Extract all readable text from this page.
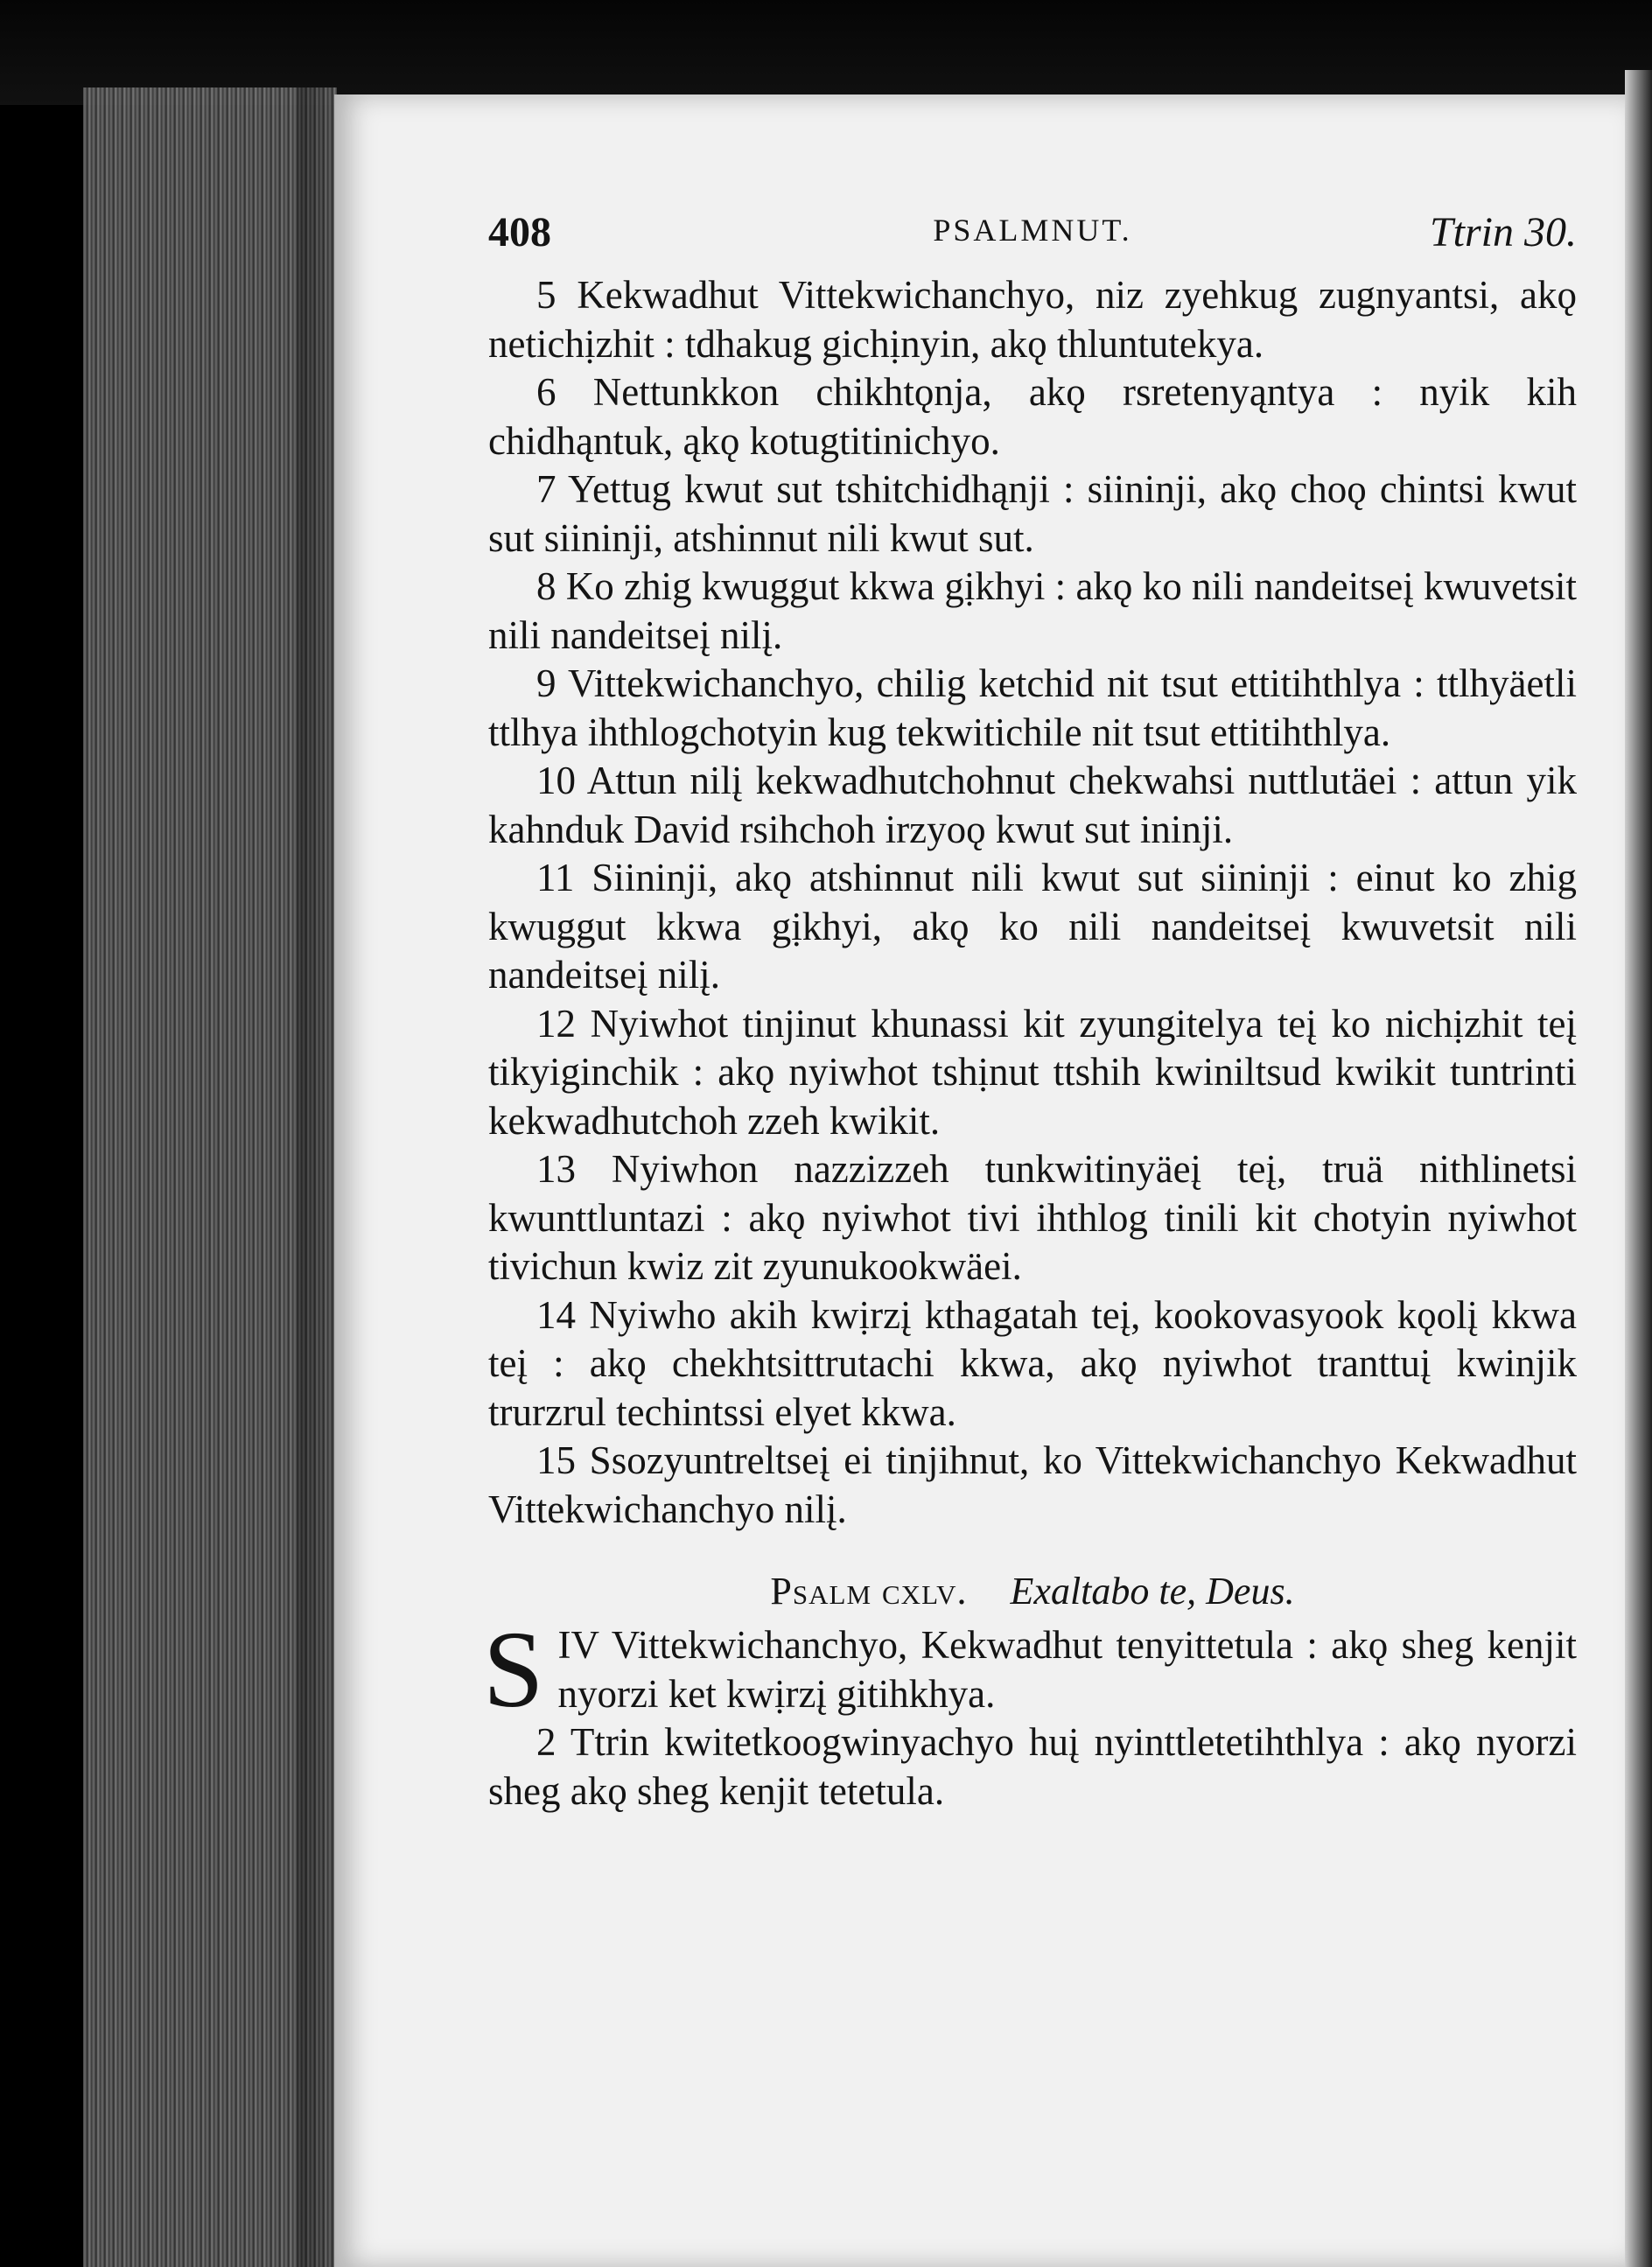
408	PSALMNUT.	Ttrin 30.

5 Kekwadhut Vittekwichanchyo, niz zyehkug zugnyantsi, akǫ netichịzhit : tdhakug gichịnyin, akǫ thluntutekya.

6 Nettunkkon chikhtǫnja, akǫ rsretenyąntya : nyik kih chidhąntuk, ąkǫ kotugtitinichyo.

7 Yettug kwut sut tshitchidhąnji : siininji, akǫ choǫ chintsi kwut sut siininji, atshinnut nili kwut sut.

8 Ko zhig kwuggut kkwa gịkhyi : akǫ ko nili nandeitseį kwuvetsit nili nandeitseį nilį.

9 Vittekwichanchyo, chilig ketchid nit tsut ettitihthlya : ttlhyäetli ttlhya ihthlogchotyin kug tekwitichile nit tsut ettitihthlya.

10 Attun nilį kekwadhutchohnut chekwahsi nuttlutäei : attun yik kahnduk David rsihchoh irzyoǫ kwut sut ininji.

11 Siininji, akǫ atshinnut nili kwut sut siininji : einut ko zhig kwuggut kkwa gịkhyi, akǫ ko nili nandeitseį kwuvetsit nili nandeitseį nilį.

12 Nyiwhot tinjinut khunassi kit zyungitelya teį ko nichịzhit teį tikyiginchik : akǫ nyiwhot tshịnut ttshih kwiniltsud kwikit tuntrinti kekwadhutchoh zzeh kwikit.

13 Nyiwhon nazzizzeh tunkwitinyäeį teį, truä nithlinetsi kwunttluntazi : akǫ nyiwhot tivi ihthlog tinili kit chotyin nyiwhot tivichun kwiz zit zyunukookwäei.

14 Nyiwho akih kwịrzį kthagatah teį, kookovasyook kǫolį kkwa teį : akǫ chekhtsittrutachi kkwa, akǫ nyiwhot tranttuį kwinjik trurzrul techintssi elyet kkwa.

15 Ssozyuntreltseį ei tinjihnut, ko Vittekwichanchyo Kekwadhut Vittekwichanchyo nilį.

Psalm cxlv. Exaltabo te, Deus.
S IV Vittekwichanchyo, Kekwadhut tenyittetula : akǫ sheg kenjit nyorzi ket kwịrzį gitihkhya.

2 Ttrin kwitetkoogwinyachyo huį nyinttletetihthlya : akǫ nyorzi sheg akǫ sheg kenjit tetetula.
